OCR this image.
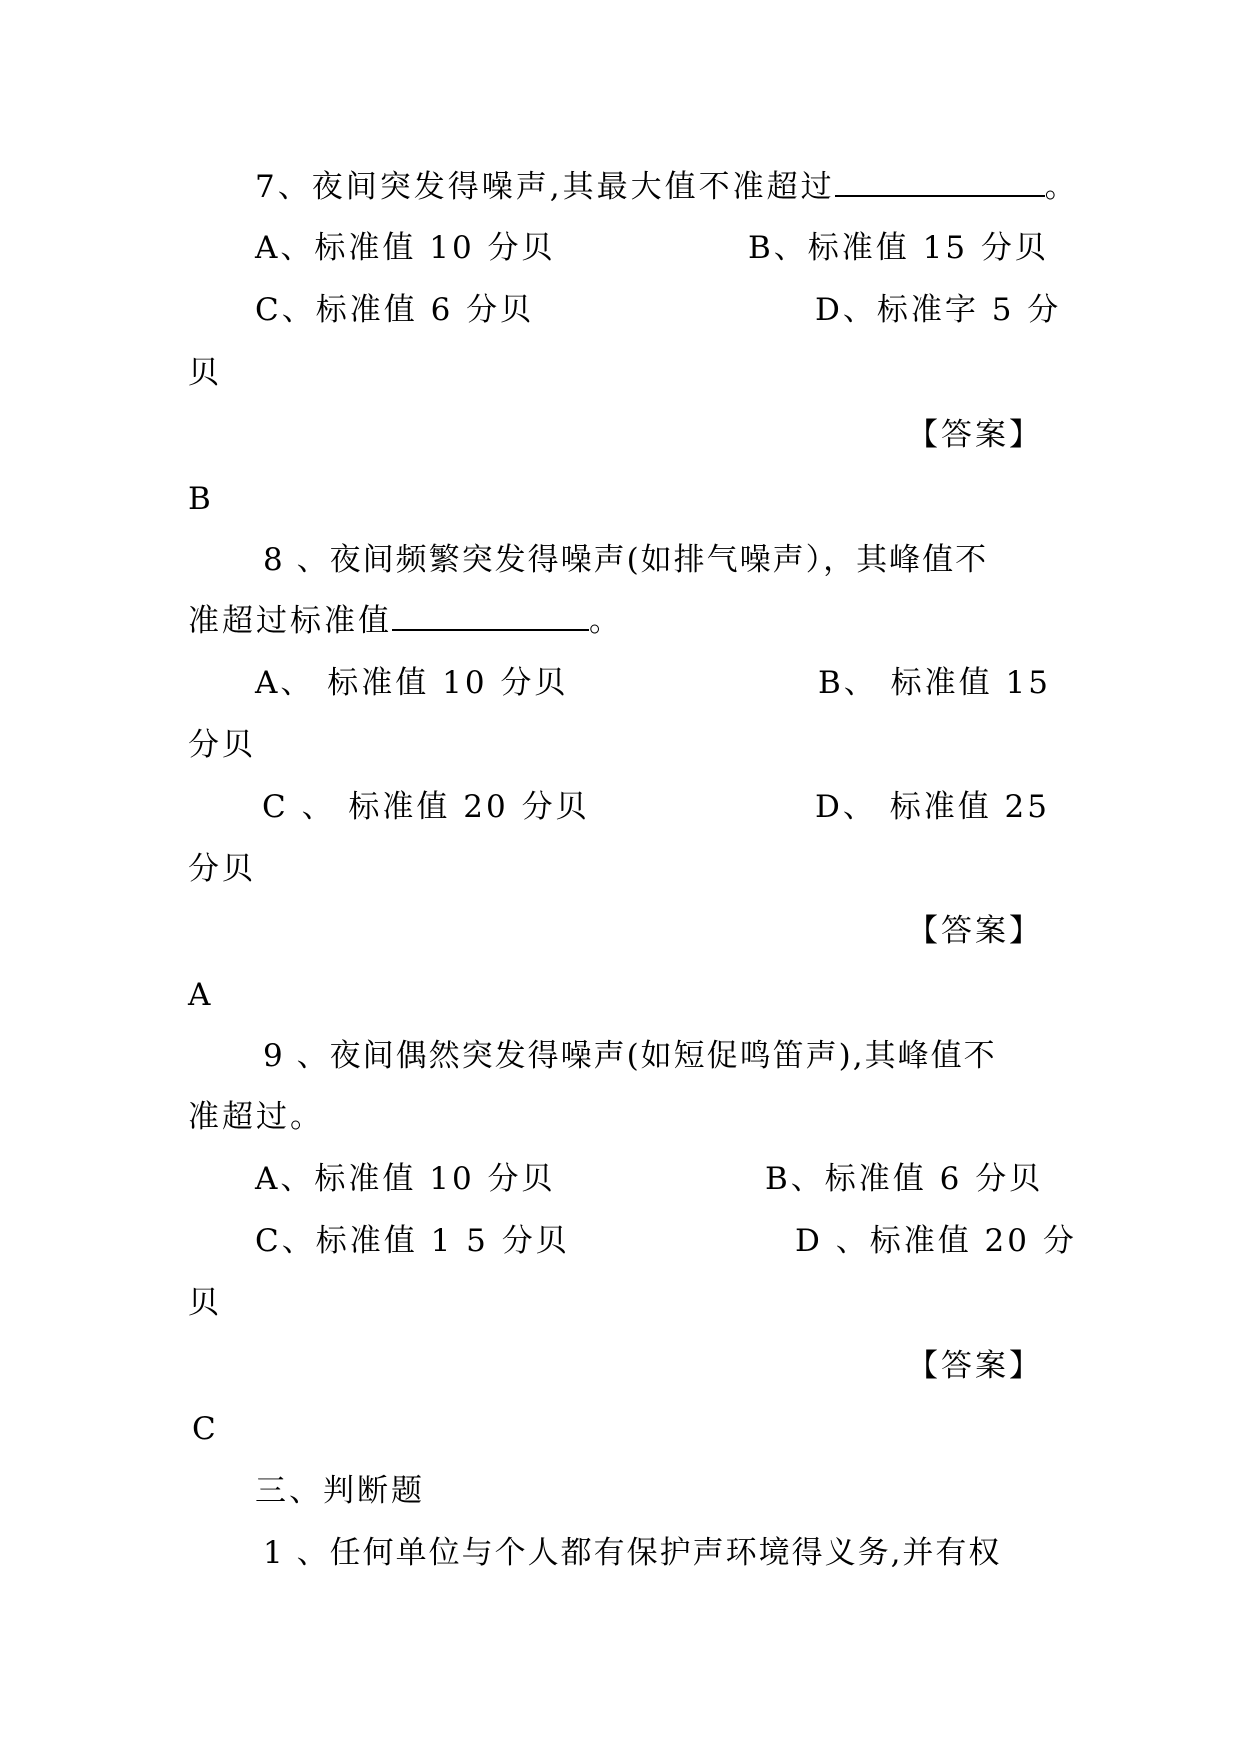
7、夜间突发得噪声,其最大值不准超过	。
A、标准值 10 分贝	B、标准值 15 分贝
C、标准值 6 分贝	D、标准字 5 分
贝
【答案】
B
8 、夜间频繁突发得噪声(如排气噪声），其峰值不
准超过标准值	。
A、 标准值 10 分贝	B、 标准值 15
分贝
C 、 标准值 20 分贝	D、 标准值 25
分贝
【答案】
A
9 、夜间偶然突发得噪声(如短促鸣笛声),其峰值不
准超过。
A、标准值 10 分贝	B、标准值 6 分贝
C、标准值 1 5 分贝	D 、标准值 20 分
贝
【答案】
C
三、判断题
1 、任何单位与个人都有保护声环境得义务,并有权
